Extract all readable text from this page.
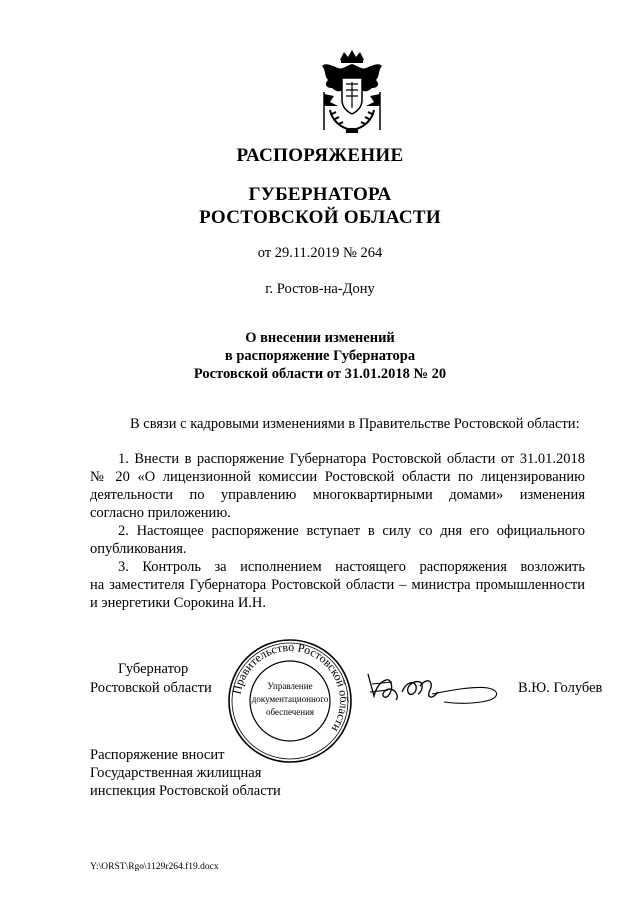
РАСПОРЯЖЕНИЕ
ГУБЕРНАТОРА
РОСТОВСКОЙ ОБЛАСТИ
от 29.11.2019 № 264
г. Ростов-на-Дону
О внесении изменений
в распоряжение Губернатора
Ростовской области от 31.01.2018 № 20
В связи с кадровыми изменениями в Правительстве Ростовской области:
1. Внести в распоряжение Губернатора Ростовской области от 31.01.2018
№ 20 «О лицензионной комиссии Ростовской области по лицензированию
деятельности по управлению многоквартирными домами» изменения
согласно приложению.
2. Настоящее распоряжение вступает в силу со дня его официального
опубликования.
3. Контроль за исполнением настоящего распоряжения возложить
на заместителя Губернатора Ростовской области – министра промышленности
и энергетики Сорокина И.Н.
Губернатор
Ростовской области Правительство Ростовской области
Управление
документационного
обеспечения
В.Ю. Голубев
Распоряжение вносит
Государственная жилищная
инспекция Ростовской области
Y:\ORST\Rgo\1129r264.f19.docx
